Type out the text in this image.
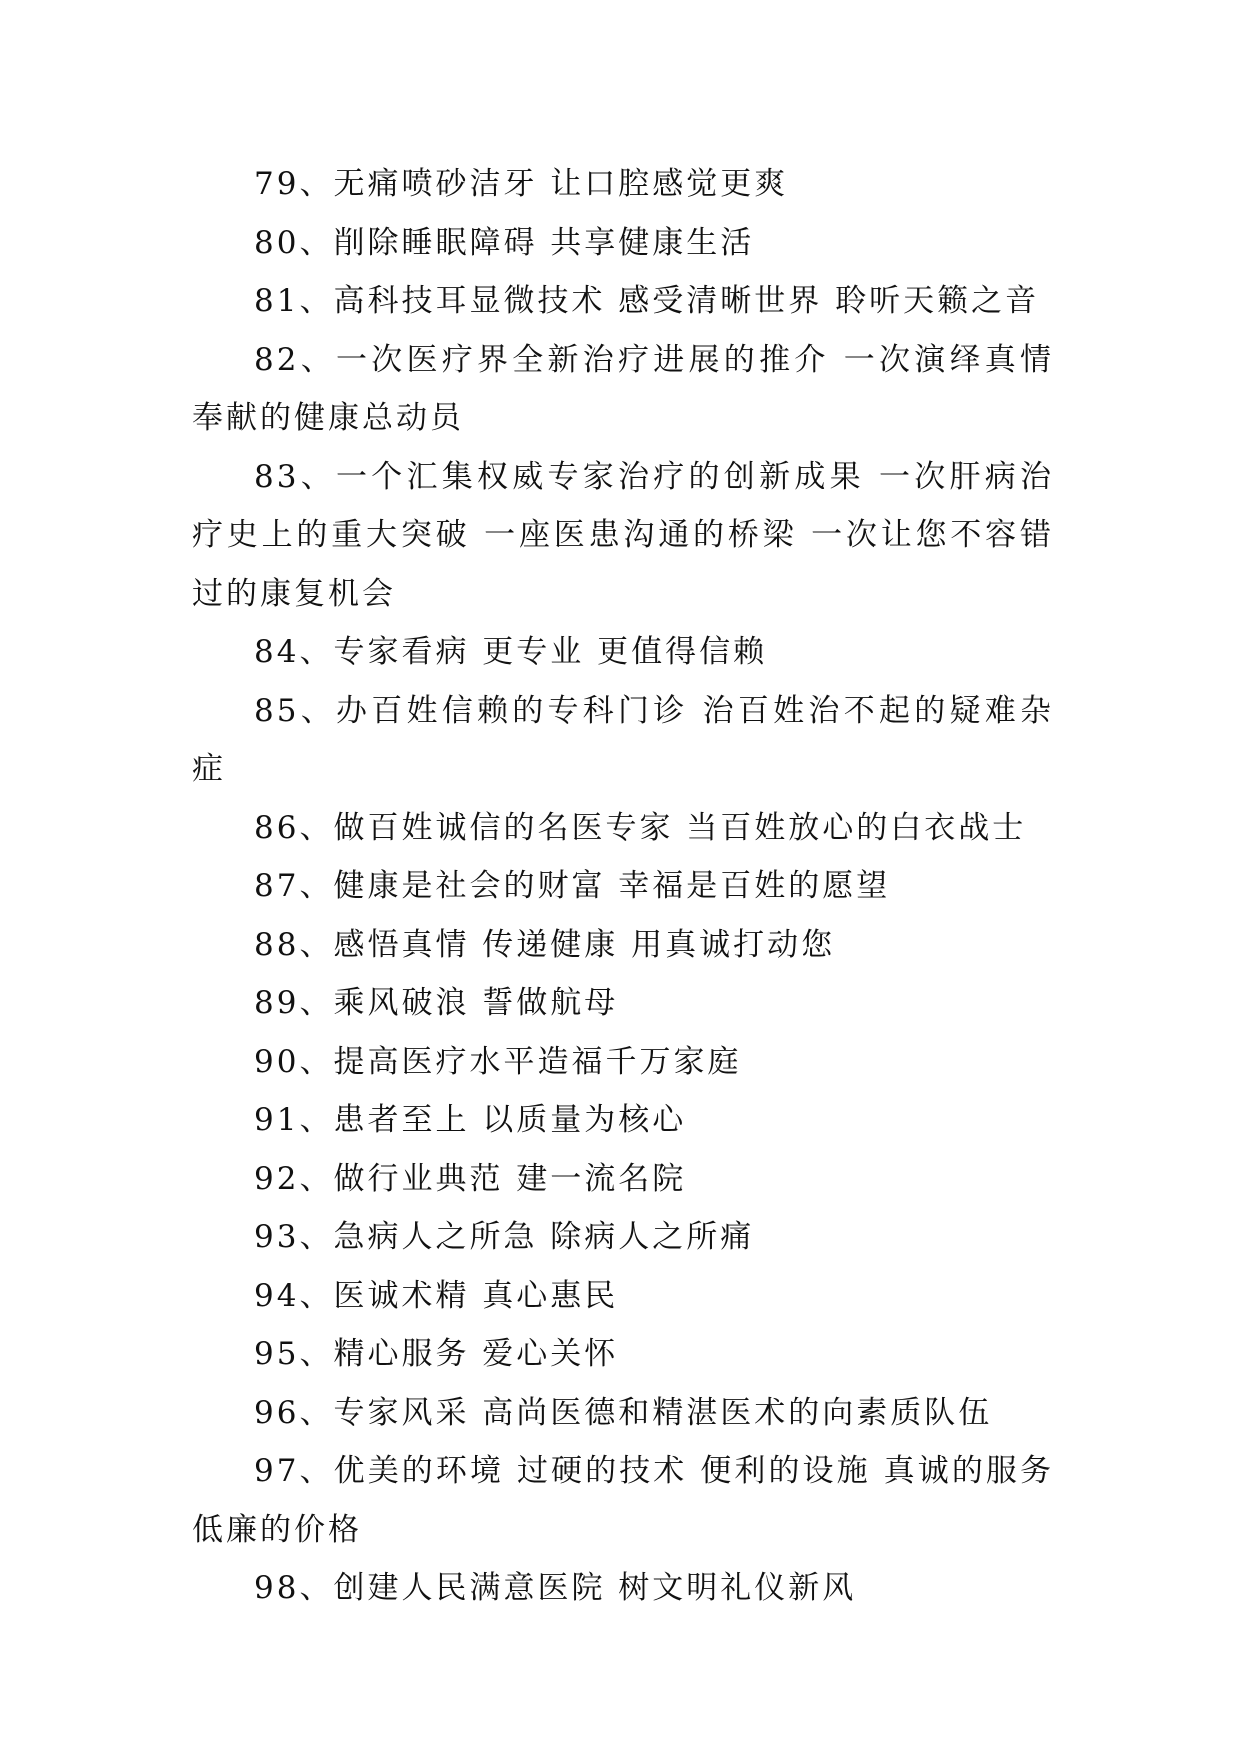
79、无痛喷砂洁牙 让口腔感觉更爽

80、削除睡眠障碍 共享健康生活

81、高科技耳显微技术 感受清晰世界 聆听天籁之音

82、一次医疗界全新治疗进展的推介 一次演绎真情奉献的健康总动员

83、一个汇集权威专家治疗的创新成果 一次肝病治疗史上的重大突破 一座医患沟通的桥梁 一次让您不容错过的康复机会

84、专家看病 更专业 更值得信赖

85、办百姓信赖的专科门诊 治百姓治不起的疑难杂症

86、做百姓诚信的名医专家 当百姓放心的白衣战士

87、健康是社会的财富 幸福是百姓的愿望

88、感悟真情 传递健康 用真诚打动您

89、乘风破浪 誓做航母

90、提高医疗水平造福千万家庭

91、患者至上 以质量为核心

92、做行业典范 建一流名院

93、急病人之所急 除病人之所痛

94、医诚术精 真心惠民

95、精心服务 爱心关怀

96、专家风采 高尚医德和精湛医术的向素质队伍

97、优美的环境 过硬的技术 便利的设施 真诚的服务低廉的价格

98、创建人民满意医院 树文明礼仪新风
